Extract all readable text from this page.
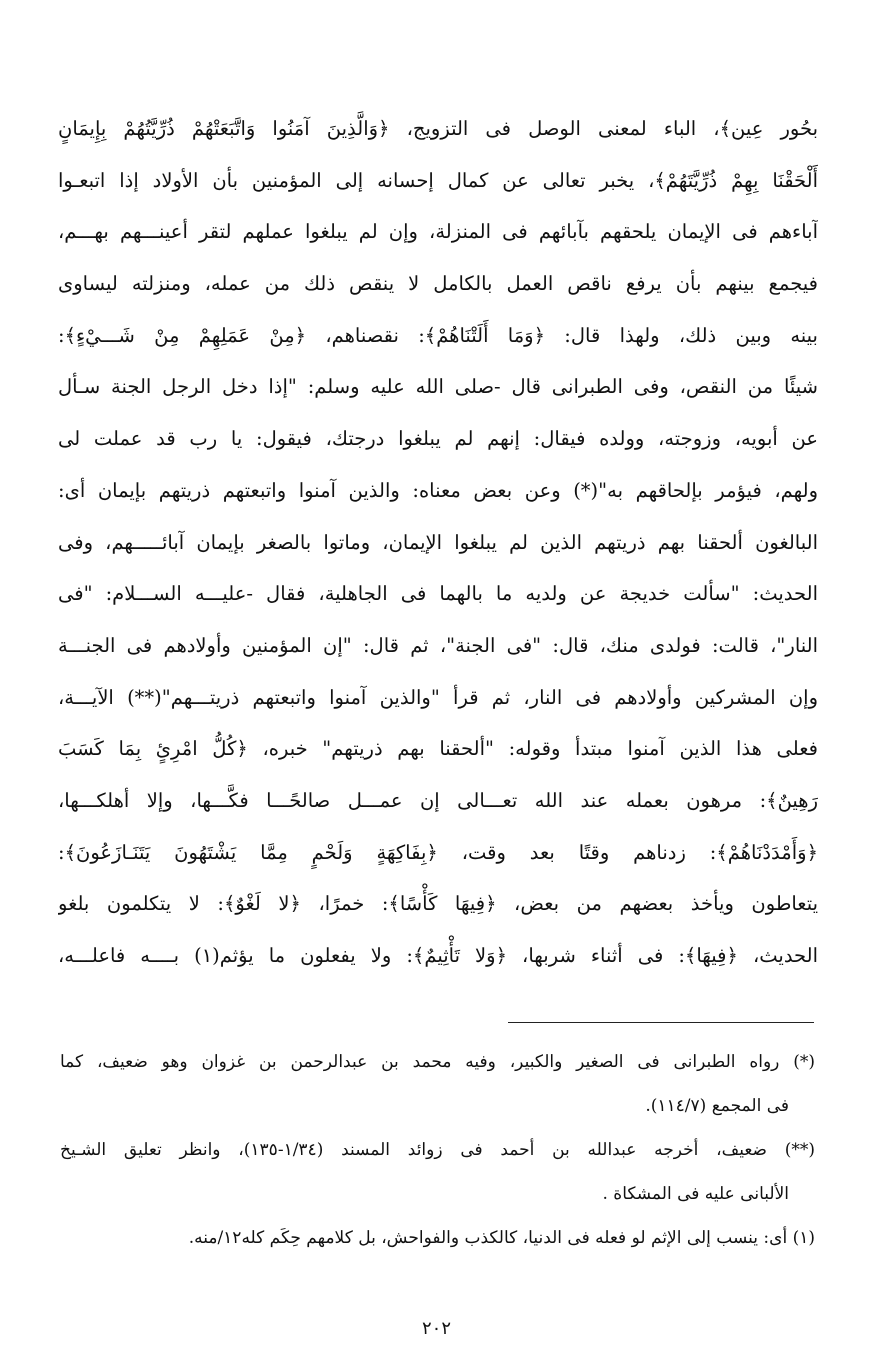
بحُور عِين﴾، الباء لمعنى الوصل فى التزويج، ﴿وَالَّذِينَ آمَنُوا وَاتَّبَعَتْهُمْ ذُرِّيَّتُهُمْ بِإِيمَانٍ
أَلْحَقْنَا بِهِمْ ذُرِّيَّتَهُمْ﴾، يخبر تعالى عن كمال إحسانه إلى المؤمنين بأن الأولاد إذا اتبعـوا
آباءهم فى الإيمان يلحقهم بآبائهم فى المنزلة، وإن لم يبلغوا عملهم لتقر أعينـــهم بهـــم،
فيجمع بينهم بأن يرفع ناقص العمل بالكامل لا ينقص ذلك من عمله، ومنزلته ليساوى
بينه وبين ذلك، ولهذا قال: ﴿وَمَا أَلَتْنَاهُمْ﴾: نقصناهم، ﴿مِنْ عَمَلِهِمْ مِنْ شَـــيْءٍ﴾:
شيئًا من النقص، وفى الطبرانى قال -صلى الله عليه وسلم: "إذا دخل الرجل الجنة سـأل
عن أبويه، وزوجته، وولده فيقال: إنهم لم يبلغوا درجتك، فيقول: يا رب قد عملت لى
ولهم، فيؤمر بإلحاقهم به"(*) وعن بعض معناه: والذين آمنوا واتبعتهم ذريتهم بإيمان أى:
البالغون ألحقنا بهم ذريتهم الذين لم يبلغوا الإيمان، وماتوا بالصغر بإيمان آبائـــــهم، وفى
الحديث: "سألت خديجة عن ولديه ما بالهما فى الجاهلية، فقال -عليـــه الســـلام: "فى
النار"، قالت: فولدى منك، قال: "فى الجنة"، ثم قال: "إن المؤمنين وأولادهم فى الجنـــة
وإن المشركين وأولادهم فى النار، ثم قرأ "والذين آمنوا واتبعتهم ذريتـــهم"(**) الآيـــة،
فعلى هذا الذين آمنوا مبتدأ وقوله: "ألحقنا بهم ذريتهم" خبره، ﴿كُلُّ امْرِئٍ بِمَا كَسَبَ
رَهِينٌ﴾: مرهون بعمله عند الله تعـــالى إن عمـــل صالحًـــا فكَّـــها، وإلا أهلكـــها،
﴿وَأَمْدَدْنَاهُمْ﴾: زدناهم وقتًا بعد وقت، ﴿بِفَاكِهَةٍ وَلَحْمٍ مِمَّا يَشْتَهُونَ يَتَنَـازَعُونَ﴾:
يتعاطون ويأخذ بعضهم من بعض، ﴿فِيهَا كَأْسًا﴾: خمرًا، ﴿لا لَغْوٌ﴾: لا يتكلمون بلغو
الحديث، ﴿فِيهَا﴾: فى أثناء شربها، ﴿وَلا تَأْثِيمٌ﴾: ولا يفعلون ما يؤثم(١) بــــه فاعلـــه،
(*) رواه الطبرانى فى الصغير والكبير، وفيه محمد بن عبدالرحمن بن غزوان وهو ضعيف، كما
فى المجمع (١١٤/٧).
(**) ضعيف، أخرجه عبدالله بن أحمد فى زوائد المسند (١/٣٤-١٣٥)، وانظر تعليق الشـيخ
الألبانى عليه فى المشكاة .
(١) أى: ينسب إلى الإثم لو فعله فى الدنيا، كالكذب والفواحش، بل كلامهم حِكَم كله١٢/منه.
٢٠٢
